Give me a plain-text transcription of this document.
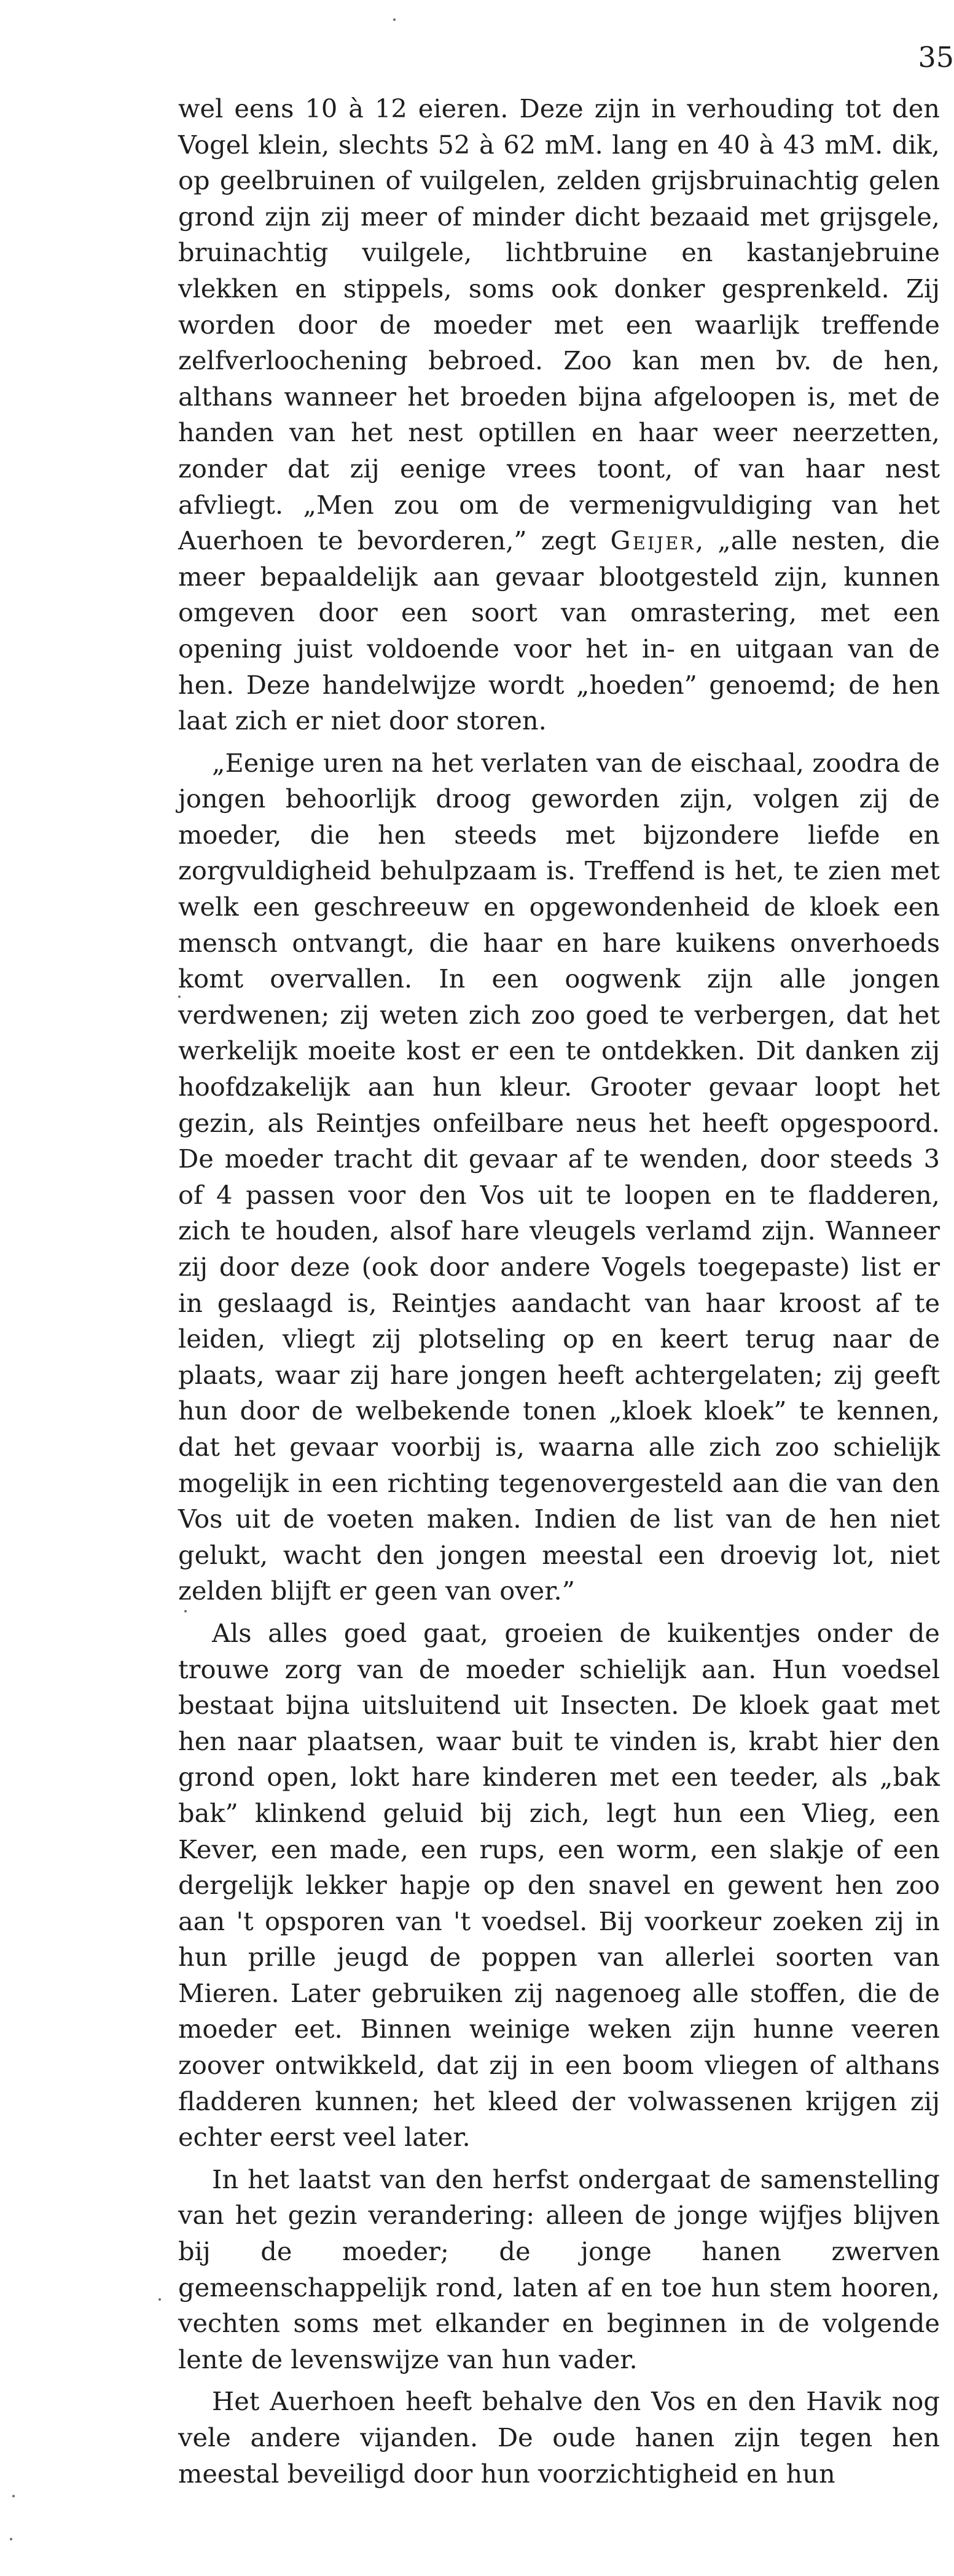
35

wel eens 10 à 12 eieren. Deze zijn in verhouding tot den Vogel klein, slechts 52 à 62 mM. lang en 40 à 43 mM. dik, op geelbruinen of vuilgelen, zelden grijsbruinachtig gelen grond zijn zij meer of minder dicht bezaaid met grijsgele, bruinachtig vuilgele, lichtbruine en kastanjebruine vlekken en stippels, soms ook donker gesprenkeld. Zij worden door de moeder met een waarlijk treffende zelfverloochening bebroed. Zoo kan men bv. de hen, althans wanneer het broeden bijna afgeloopen is, met de handen van het nest optillen en haar weer neerzetten, zonder dat zij eenige vrees toont, of van haar nest afvliegt. „Men zou om de vermenigvuldiging van het Auerhoen te bevorderen,” zegt Geijer, „alle nesten, die meer bepaaldelijk aan gevaar blootgesteld zijn, kunnen omgeven door een soort van omrastering, met een opening juist voldoende voor het in- en uitgaan van de hen. Deze handelwijze wordt „hoeden” genoemd; de hen laat zich er niet door storen.

„Eenige uren na het verlaten van de eischaal, zoodra de jongen behoorlijk droog geworden zijn, volgen zij de moeder, die hen steeds met bijzondere liefde en zorgvuldigheid behulpzaam is. Treffend is het, te zien met welk een geschreeuw en opgewondenheid de kloek een mensch ontvangt, die haar en hare kuikens onverhoeds komt overvallen. In een oogwenk zijn alle jongen verdwenen; zij weten zich zoo goed te verbergen, dat het werkelijk moeite kost er een te ontdekken. Dit danken zij hoofdzakelijk aan hun kleur. Grooter gevaar loopt het gezin, als Reintjes onfeilbare neus het heeft opgespoord. De moeder tracht dit gevaar af te wenden, door steeds 3 of 4 passen voor den Vos uit te loopen en te fladderen, zich te houden, alsof hare vleugels verlamd zijn. Wanneer zij door deze (ook door andere Vogels toegepaste) list er in geslaagd is, Reintjes aandacht van haar kroost af te leiden, vliegt zij plotseling op en keert terug naar de plaats, waar zij hare jongen heeft achtergelaten; zij geeft hun door de welbekende tonen „kloek kloek” te kennen, dat het gevaar voorbij is, waarna alle zich zoo schielijk mogelijk in een richting tegenovergesteld aan die van den Vos uit de voeten maken. Indien de list van de hen niet gelukt, wacht den jongen meestal een droevig lot, niet zelden blijft er geen van over.”

Als alles goed gaat, groeien de kuikentjes onder de trouwe zorg van de moeder schielijk aan. Hun voedsel bestaat bijna uitsluitend uit Insecten. De kloek gaat met hen naar plaatsen, waar buit te vinden is, krabt hier den grond open, lokt hare kinderen met een teeder, als „bak bak” klinkend geluid bij zich, legt hun een Vlieg, een Kever, een made, een rups, een worm, een slakje of een dergelijk lekker hapje op den snavel en gewent hen zoo aan 't opsporen van 't voedsel. Bij voorkeur zoeken zij in hun prille jeugd de poppen van allerlei soorten van Mieren. Later gebruiken zij nagenoeg alle stoffen, die de moeder eet. Binnen weinige weken zijn hunne veeren zoover ontwikkeld, dat zij in een boom vliegen of althans fladderen kunnen; het kleed der volwassenen krijgen zij echter eerst veel later.

In het laatst van den herfst ondergaat de samenstelling van het gezin verandering: alleen de jonge wijfjes blijven bij de moeder; de jonge hanen zwerven gemeenschappelijk rond, laten af en toe hun stem hooren, vechten soms met elkander en beginnen in de volgende lente de levenswijze van hun vader.

Het Auerhoen heeft behalve den Vos en den Havik nog vele andere vijanden. De oude hanen zijn tegen hen meestal beveiligd door hun voorzichtigheid en hun
